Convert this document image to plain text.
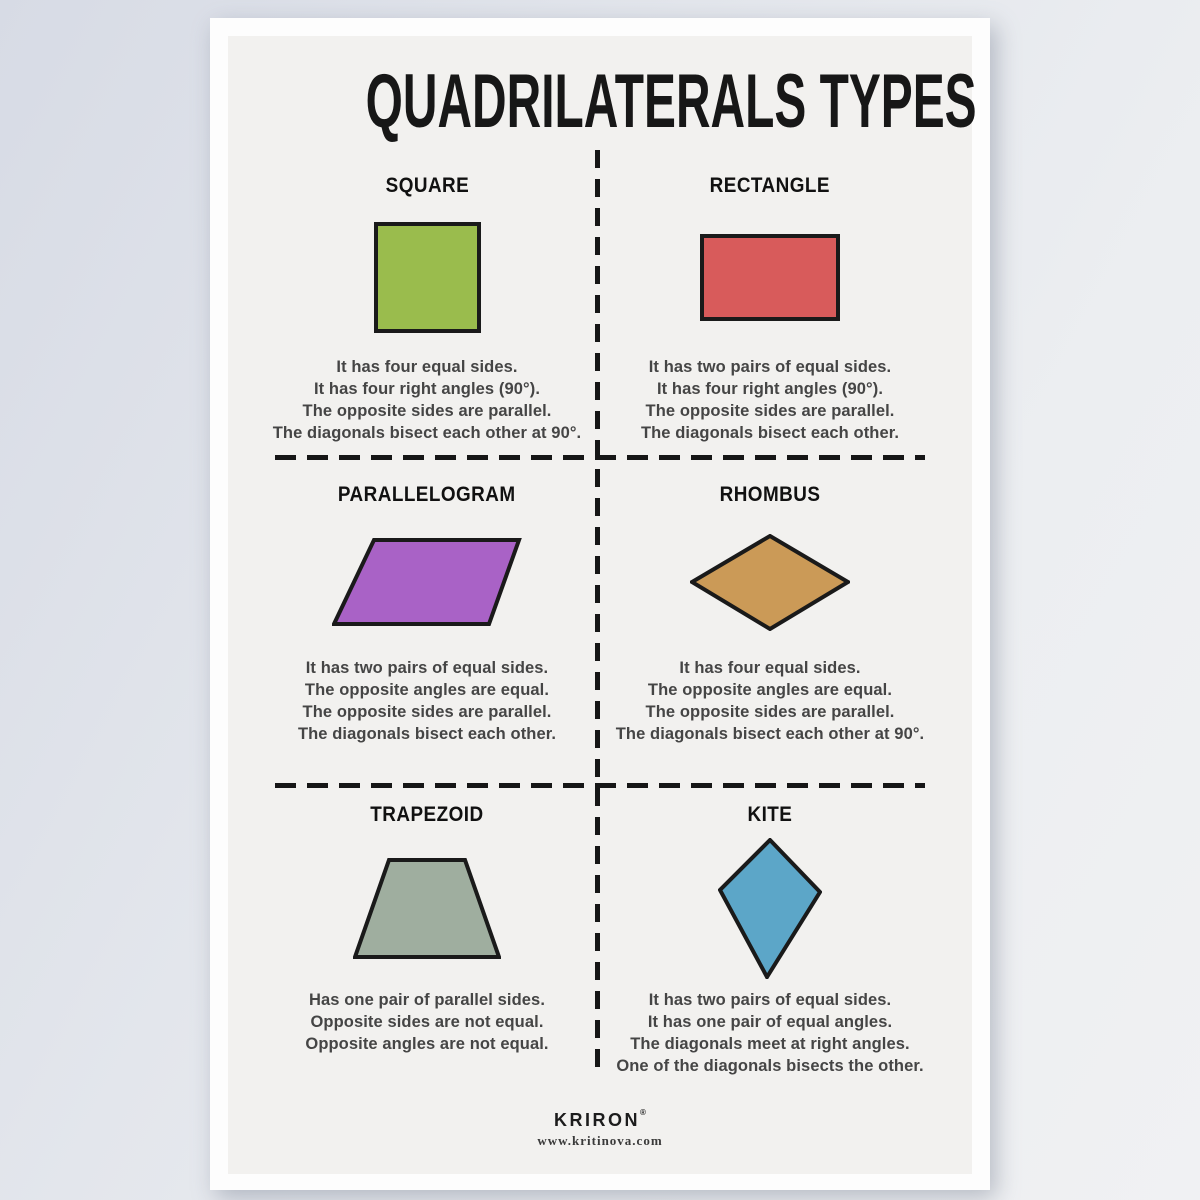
QUADRILATERALS TYPES
SQUARE

It has four equal sides.

It has four right angles (90°).

The opposite sides are parallel.

The diagonals bisect each other at 90°.

RECTANGLE

It has two pairs of equal sides.

It has four right angles (90°).

The opposite sides are parallel.

The diagonals bisect each other.

PARALLELOGRAM

It has two pairs of equal sides.

The opposite angles are equal.

The opposite sides are parallel.

The diagonals bisect each other.

RHOMBUS

It has four equal sides.

The opposite angles are equal.

The opposite sides are parallel.

The diagonals bisect each other at 90°.

TRAPEZOID

Has one pair of parallel sides.

Opposite sides are not equal.

Opposite angles are not equal.

KITE

It has two pairs of equal sides.

It has one pair of equal angles.

The diagonals meet at right angles.

One of the diagonals bisects the other.

KRIRON®
www.kritinova.com
